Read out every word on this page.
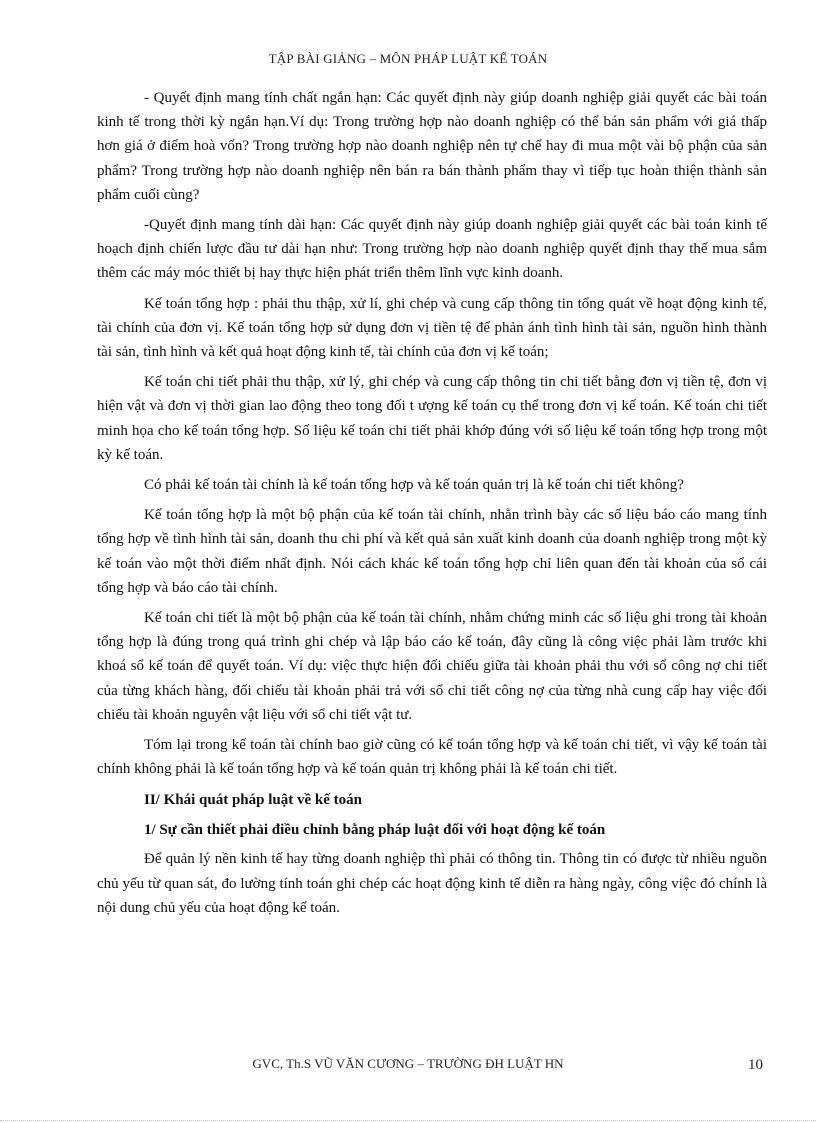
TẬP BÀI GIẢNG – MÔN PHÁP LUẬT KẾ TOÁN

- Quyết định mang tính chất ngắn hạn: Các quyết định này giúp doanh nghiệp giải quyết các bài toán kinh tế trong thời kỳ ngắn hạn.Ví dụ: Trong trường hợp nào doanh nghiệp có thể bán sản phẩm với giá thấp hơn giá ở điểm hoà vốn? Trong trường hợp nào doanh nghiệp nên tự chế hay đi mua một vài bộ phận của sản phẩm? Trong trường hợp nào doanh nghiệp nên bán ra bán thành phẩm thay vì tiếp tục hoàn thiện thành sản phẩm cuối cùng?

-Quyết định mang tính dài hạn: Các quyết định này giúp doanh nghiệp giải quyết các bài toán kinh tế hoạch định chiến lược đầu tư dài hạn như: Trong trường hợp nào doanh nghiệp quyết định thay thế mua sắm thêm các máy móc thiết bị hay thực hiện phát triển thêm lĩnh vực kinh doanh.

Kế toán tổng hợp : phải thu thập, xử lí, ghi chép và cung cấp thông tin tổng quát về hoạt động kinh tế, tài chính của đơn vị. Kế toán tổng hợp sử dụng đơn vị tiền tệ để phản ánh tình hình tài sản, nguồn hình thành tài sản, tình hình và kết quả hoạt động kinh tế, tài chính của đơn vị kế toán;

Kế toán chi tiết phải thu thập, xử lý, ghi chép và cung cấp thông tin chi tiết bằng đơn vị tiền tệ, đơn vị hiện vật và đơn vị thời gian lao động theo tong đối t ượng kế toán cụ thể trong đơn vị kế toán. Kế toán chi tiết minh họa cho kế toán tổng hợp. Số liệu kế toán chi tiết phải khớp đúng với số liệu kế toán tổng hợp trong một kỳ kế toán.

Có phải kế toán tài chính là kế toán tổng hợp và kế toán quản trị là kế toán chi tiết không?

Kế toán tổng hợp là một bộ phận của kế toán tài chính, nhằn trình bày các số liệu báo cáo mang tính tổng hợp về tình hình tài sản, doanh thu chi phí và kết quả sản xuất kinh doanh của doanh nghiệp trong một kỳ kế toán vào một thời điểm nhất định. Nói cách khác kế toán tổng hợp chỉ liên quan đến tài khoản của sổ cái tổng hợp và báo cáo tài chính.

Kế toán chi tiết là một bộ phận của kế toán tài chính, nhằm chứng minh các số liệu ghi trong tài khoản tổng hợp là đúng trong quá trình ghi chép và lập báo cáo kế toán, đây cũng là công việc phải làm trước khi khoá sổ kế toán để quyết toán. Ví dụ: việc thực hiện đối chiếu giữa tài khoản phải thu với sổ công nợ chi tiết của từng khách hàng, đối chiếu tài khoản phải trả với sổ chi tiết công nợ của từng nhà cung cấp hay việc đối chiếu tài khoản nguyên vật liệu với sổ chi tiết vật tư.

Tóm lại trong kế toán tài chính bao giờ cũng có kế toán tổng hợp và kế toán chi tiết, vì vậy kế toán tài chính không phải là kế toán tổng hợp và kế toán quản trị không phải là kế toán chi tiết.

II/ Khái quát pháp luật về kế toán

1/ Sự cần thiết phải điều chỉnh bằng pháp luật đối với hoạt động kế toán

Để quản lý nền kinh tế hay từng doanh nghiệp thì phải có thông tin. Thông tin có được từ nhiều nguồn chủ yếu từ quan sát, đo lường tính toán ghi chép các hoạt động kinh tế diễn ra hàng ngày, công việc đó chính là nội dung chủ yếu của hoạt động kế toán.

GVC, Th.S VŨ VĂN CƯƠNG – TRƯỜNG ĐH LUẬT HN	10
